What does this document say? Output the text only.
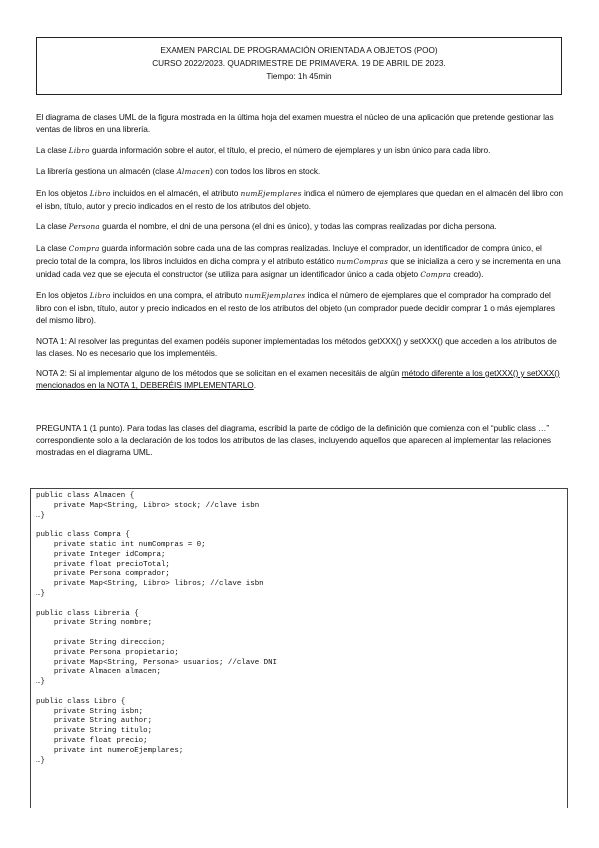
EXAMEN PARCIAL DE PROGRAMACIÓN ORIENTADA A OBJETOS (POO)
CURSO 2022/2023. QUADRIMESTRE DE PRIMAVERA. 19 DE ABRIL DE 2023.
Tiempo: 1h 45min

El diagrama de clases UML de la figura mostrada en la última hoja del examen muestra el núcleo de una aplicación que pretende gestionar las ventas de libros en una librería.

La clase Libro guarda información sobre el autor, el título, el precio, el número de ejemplares y un isbn único para cada libro.

La librería gestiona un almacén (clase Almacen) con todos los libros en stock.

En los objetos Libro incluidos en el almacén, el atributo numEjemplares indica el número de ejemplares que quedan en el almacén del libro con el isbn, título, autor y precio indicados en el resto de los atributos del objeto.

La clase Persona guarda el nombre, el dni de una persona (el dni es único), y todas las compras realizadas por dicha persona.

La clase Compra guarda información sobre cada una de las compras realizadas. Incluye el comprador, un identificador de compra único, el precio total de la compra, los libros incluidos en dicha compra y el atributo estático numCompras que se inicializa a cero y se incrementa en una unidad cada vez que se ejecuta el constructor (se utiliza para asignar un identificador único a cada objeto Compra creado).

En los objetos Libro incluidos en una compra, el atributo numEjemplares indica el número de ejemplares que el comprador ha comprado del libro con el isbn, título, autor y precio indicados en el resto de los atributos del objeto (un comprador puede decidir comprar 1 o más ejemplares del mismo libro).

NOTA 1: Al resolver las preguntas del examen podéis suponer implementadas los métodos getXXX() y setXXX() que acceden a los atributos de las clases. No es necesario que los implementéis.

NOTA 2: Si al implementar alguno de los métodos que se solicitan en el examen necesitáis de algún método diferente a los getXXX() y setXXX() mencionados en la NOTA 1, DEBERÉIS IMPLEMENTARLO.

PREGUNTA 1 (1 punto). Para todas las clases del diagrama, escribid la parte de código de la definición que comienza con el “public class …” correspondiente solo a la declaración de los todos los atributos de las clases, incluyendo aquellos que aparecen al implementar las relaciones mostradas en el diagrama UML.

public class Almacen {
private Map<String, Libro> stock; //clave isbn
…}

public class Compra {
private static int numCompras = 0;
private Integer idCompra;
private float precioTotal;
private Persona comprador;
private Map<String, Libro> libros; //clave isbn
…}

public class Libreria {
private String nombre;

private String direccion;
private Persona propietario;
private Map<String, Persona> usuarios; //clave DNI
private Almacen almacen;
…}

public class Libro {
private String isbn;
private String author;
private String titulo;
private float precio;
private int numeroEjemplares;
…}
